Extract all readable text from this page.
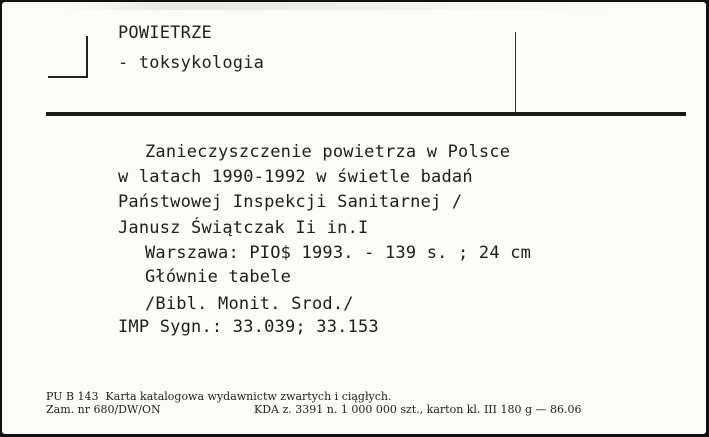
POWIETRZE
- toksykologia
Zanieczyszczenie powietrza w Polsce
w latach 1990-1992 w świetle badań
Państwowej Inspekcji Sanitarnej /
Janusz Świątczak Ii in.I
Warszawa: PIO$ 1993. - 139 s. ; 24 cm
Głównie tabele
/Bibl. Monit. Srod./
IMP Sygn.: 33.039; 33.153
PU B 143  Karta katalogowa wydawnictw zwartych i ciągłych.
Zam. nr 680/DW/ON	KDA z. 3391 n. 1 000 000 szt., karton kl. III 180 g — 86.06
